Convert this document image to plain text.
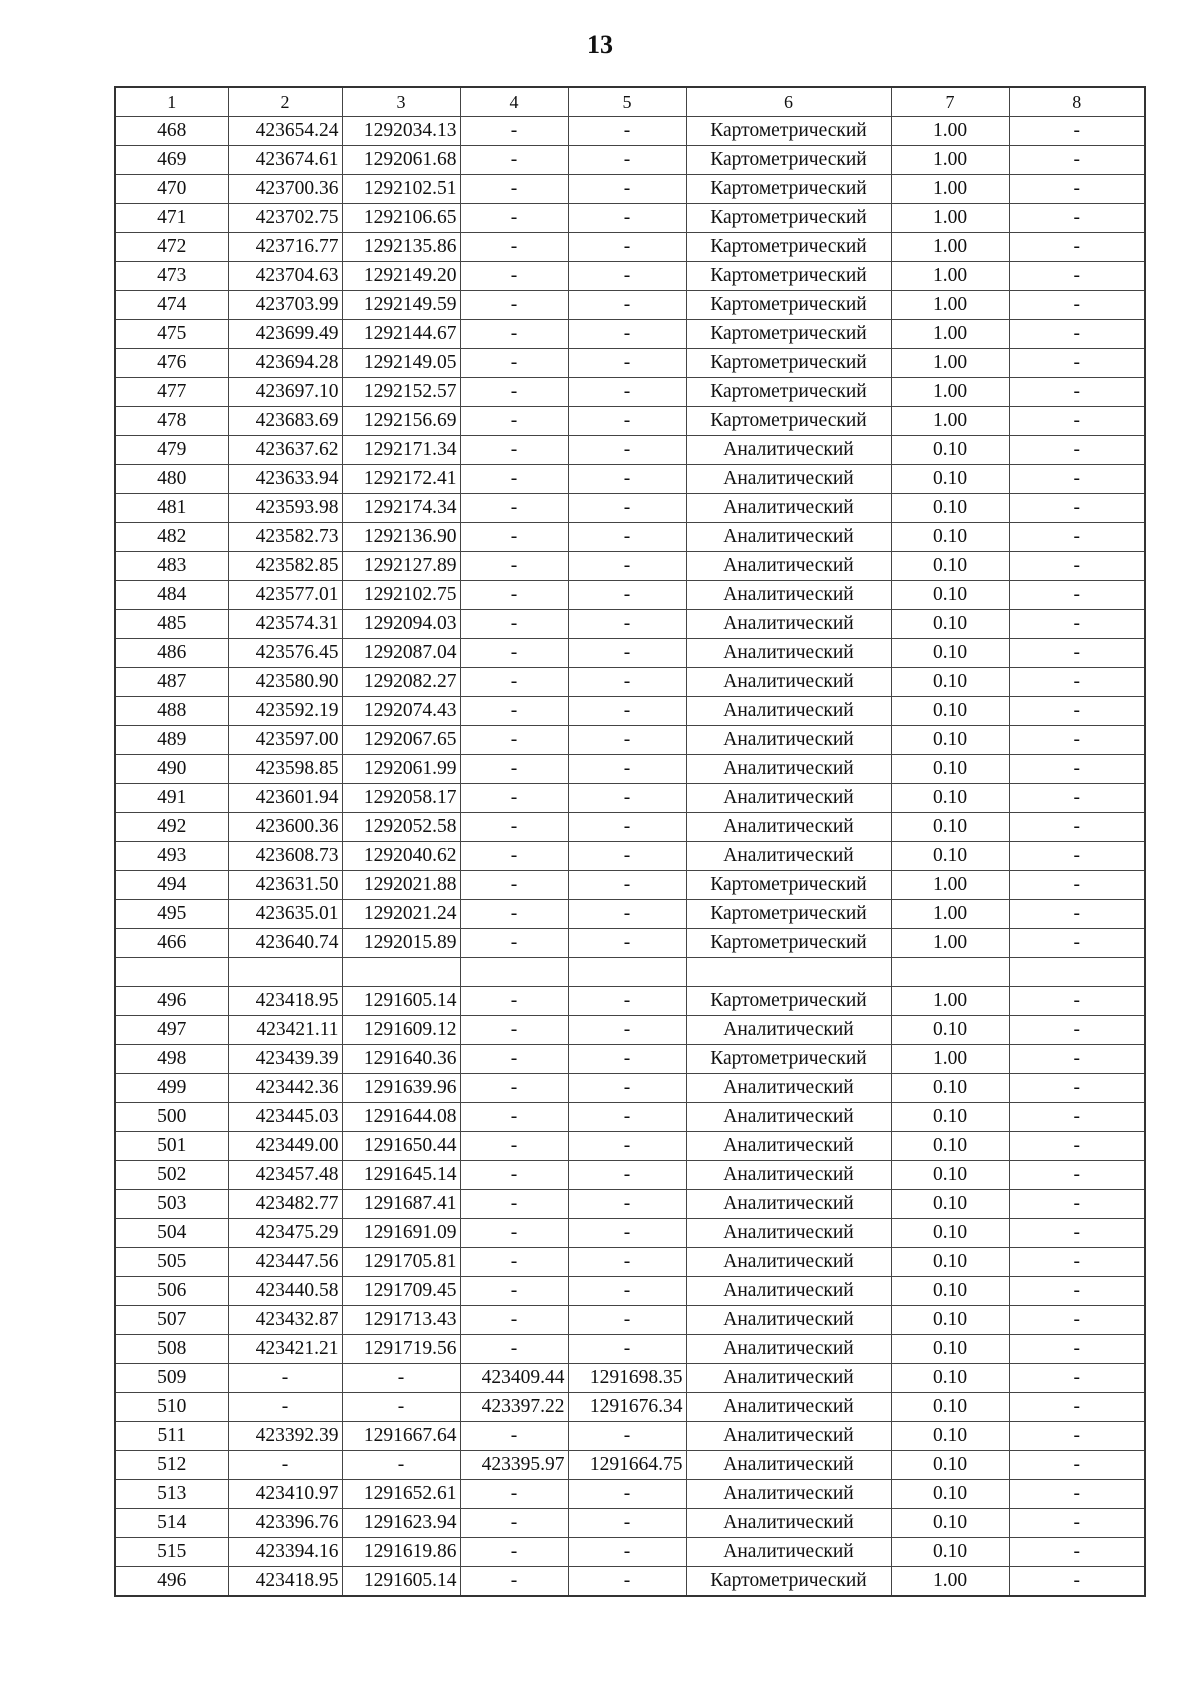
13
1	2	3	4	5	6	7	8
468	423654.24	1292034.13	-	-	Картометрический	1.00	-
469	423674.61	1292061.68	-	-	Картометрический	1.00	-
470	423700.36	1292102.51	-	-	Картометрический	1.00	-
471	423702.75	1292106.65	-	-	Картометрический	1.00	-
472	423716.77	1292135.86	-	-	Картометрический	1.00	-
473	423704.63	1292149.20	-	-	Картометрический	1.00	-
474	423703.99	1292149.59	-	-	Картометрический	1.00	-
475	423699.49	1292144.67	-	-	Картометрический	1.00	-
476	423694.28	1292149.05	-	-	Картометрический	1.00	-
477	423697.10	1292152.57	-	-	Картометрический	1.00	-
478	423683.69	1292156.69	-	-	Картометрический	1.00	-
479	423637.62	1292171.34	-	-	Аналитический	0.10	-
480	423633.94	1292172.41	-	-	Аналитический	0.10	-
481	423593.98	1292174.34	-	-	Аналитический	0.10	-
482	423582.73	1292136.90	-	-	Аналитический	0.10	-
483	423582.85	1292127.89	-	-	Аналитический	0.10	-
484	423577.01	1292102.75	-	-	Аналитический	0.10	-
485	423574.31	1292094.03	-	-	Аналитический	0.10	-
486	423576.45	1292087.04	-	-	Аналитический	0.10	-
487	423580.90	1292082.27	-	-	Аналитический	0.10	-
488	423592.19	1292074.43	-	-	Аналитический	0.10	-
489	423597.00	1292067.65	-	-	Аналитический	0.10	-
490	423598.85	1292061.99	-	-	Аналитический	0.10	-
491	423601.94	1292058.17	-	-	Аналитический	0.10	-
492	423600.36	1292052.58	-	-	Аналитический	0.10	-
493	423608.73	1292040.62	-	-	Аналитический	0.10	-
494	423631.50	1292021.88	-	-	Картометрический	1.00	-
495	423635.01	1292021.24	-	-	Картометрический	1.00	-
466	423640.74	1292015.89	-	-	Картометрический	1.00	-

496	423418.95	1291605.14	-	-	Картометрический	1.00	-
497	423421.11	1291609.12	-	-	Аналитический	0.10	-
498	423439.39	1291640.36	-	-	Картометрический	1.00	-
499	423442.36	1291639.96	-	-	Аналитический	0.10	-
500	423445.03	1291644.08	-	-	Аналитический	0.10	-
501	423449.00	1291650.44	-	-	Аналитический	0.10	-
502	423457.48	1291645.14	-	-	Аналитический	0.10	-
503	423482.77	1291687.41	-	-	Аналитический	0.10	-
504	423475.29	1291691.09	-	-	Аналитический	0.10	-
505	423447.56	1291705.81	-	-	Аналитический	0.10	-
506	423440.58	1291709.45	-	-	Аналитический	0.10	-
507	423432.87	1291713.43	-	-	Аналитический	0.10	-
508	423421.21	1291719.56	-	-	Аналитический	0.10	-
509	-	-	423409.44	1291698.35	Аналитический	0.10	-
510	-	-	423397.22	1291676.34	Аналитический	0.10	-
511	423392.39	1291667.64	-	-	Аналитический	0.10	-
512	-	-	423395.97	1291664.75	Аналитический	0.10	-
513	423410.97	1291652.61	-	-	Аналитический	0.10	-
514	423396.76	1291623.94	-	-	Аналитический	0.10	-
515	423394.16	1291619.86	-	-	Аналитический	0.10	-
496	423418.95	1291605.14	-	-	Картометрический	1.00	-
